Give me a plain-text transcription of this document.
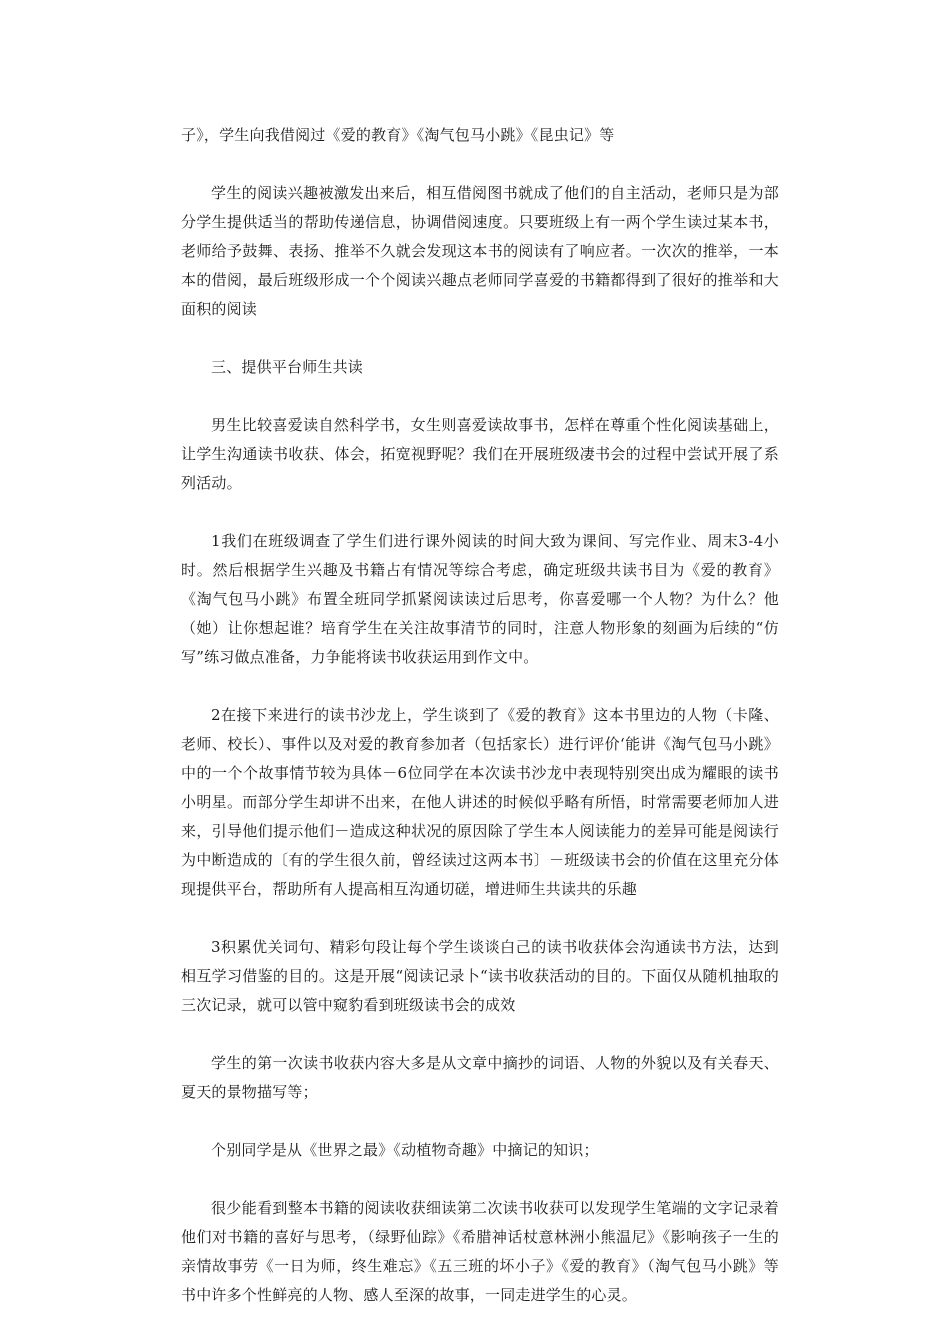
子》，学生向我借阅过《爱的教育》《淘气包马小跳》《昆虫记》等

学生的阅读兴趣被激发出来后，相互借阅图书就成了他们的自主活动，老师只是为部分学生提供适当的帮助传递信息，协调借阅速度。只要班级上有一两个学生读过某本书，老师给予鼓舞、表扬、推举不久就会发现这本书的阅读有了响应者。一次次的推举，一本本的借阅，最后班级形成一个个阅读兴趣点老师同学喜爱的书籍都得到了很好的推举和大面积的阅读

三、提供平台师生共读

男生比较喜爱读自然科学书，女生则喜爱读故事书，怎样在尊重个性化阅读基础上，让学生沟通读书收获、体会，拓宽视野呢？我们在开展班级凄书会的过程中尝试开展了系列活动。

1我们在班级调查了学生们进行课外阅读的时间大致为课间、写完作业、周末3-4小时。然后根据学生兴趣及书籍占有情况等综合考虑，确定班级共读书目为《爱的教育》《淘气包马小跳》布置全班同学抓紧阅读读过后思考，你喜爱哪一个人物？为什么？他（她）让你想起谁？培育学生在关注故事清节的同时，注意人物形象的刻画为后续的“仿写”练习做点准备，力争能将读书收获运用到作文中。

2在接下来进行的读书沙龙上，学生谈到了《爱的教育》这本书里边的人物（卡隆、老师、校长）、事件以及对爱的教育参加者（包括家长）进行评价‘能讲《淘气包马小跳》中的一个个故事情节较为具体－6位同学在本次读书沙龙中表现特别突出成为耀眼的读书小明星。而部分学生却讲不出来，在他人讲述的时候似乎略有所悟，时常需要老师加人进来，引导他们提示他们－造成这种状况的原因除了学生本人阅读能力的差异可能是阅读行为中断造成的〔有的学生很久前，曾经读过这两本书〕－班级读书会的价值在这里充分体现提供平台，帮助所有人提高相互沟通切磋，增进师生共读共的乐趣

3积累优关词句、精彩句段让每个学生谈谈白己的读书收获体会沟通读书方法，达到相互学习借鉴的目的。这是开展“阅读记录卜“读书收获活动的目的。下面仅从随机抽取的三次记录，就可以管中窥豹看到班级读书会的成效

学生的第一次读书收获内容大多是从文章中摘抄的词语、人物的外貌以及有关春天、夏天的景物描写等；

个别同学是从《世界之最》《动植物奇趣》中摘记的知识；

很少能看到整本书籍的阅读收获细读第二次读书收获可以发现学生笔端的文字记录着他们对书籍的喜好与思考，（绿野仙踪》《希腊神话杖意林洲小熊温尼》《影响孩子一生的亲情故事劳《一日为师，终生难忘》《五三班的坏小子》《爱的教育》（淘气包马小跳》等书中许多个性鲜亮的人物、感人至深的故事，一同走进学生的心灵。
